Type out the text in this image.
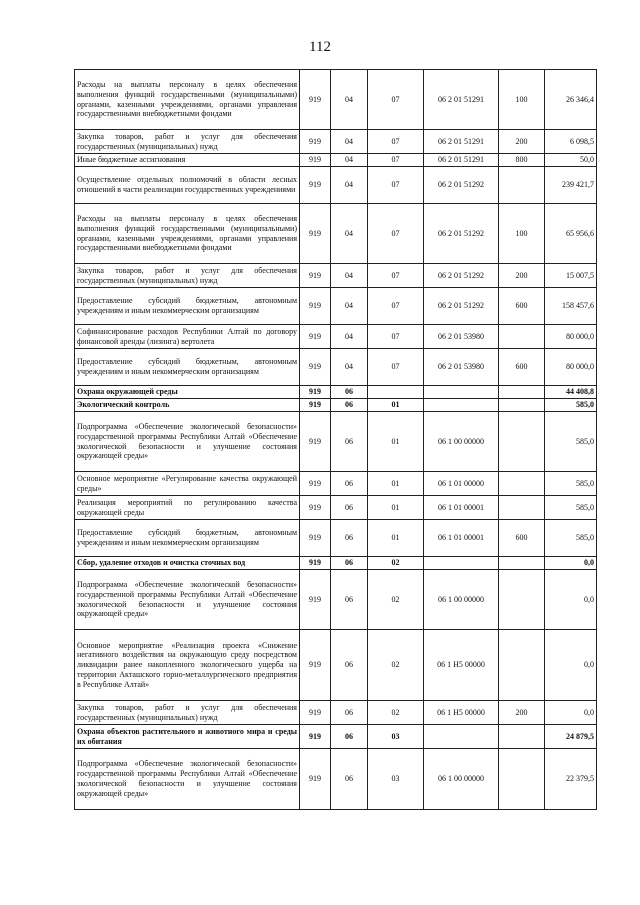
112
Расходы на выплаты персоналу в целях обеспечения выполнения функций государственными (муниципальными) органами, казенными учреждениями, органами управления государственными внебюджетными фондами	919	04	07	06 2 01 51291	100	26 346,4
Закупка товаров, работ и услуг для обеспечения государственных (муниципальных) нужд	919	04	07	06 2 01 51291	200	6 098,5
Иные бюджетные ассигнования	919	04	07	06 2 01 51291	800	50,0
Осуществление отдельных полномочий в области лесных отношений в части реализации государственных учреждениями	919	04	07	06 2 01 51292		239 421,7
Расходы на выплаты персоналу в целях обеспечения выполнения функций государственными (муниципальными) органами, казенными учреждениями, органами управления государственными внебюджетными фондами	919	04	07	06 2 01 51292	100	65 956,6
Закупка товаров, работ и услуг для обеспечения государственных (муниципальных) нужд	919	04	07	06 2 01 51292	200	15 007,5
Предоставление субсидий бюджетным, автономным учреждениям и иным некоммерческим организациям	919	04	07	06 2 01 51292	600	158 457,6
Софинансирование расходов Республики Алтай по договору финансовой аренды (лизинга) вертолета	919	04	07	06 2 01 53980		80 000,0
Предоставление субсидий бюджетным, автономным учреждениям и иным некоммерческим организациям	919	04	07	06 2 01 53980	600	80 000,0
Охрана окружающей среды	919	06				44 408,8
Экологический контроль	919	06	01			585,0
Подпрограмма «Обеспечение экологической безопасности» государственной программы Республики Алтай «Обеспечение экологической безопасности и улучшение состояния окружающей среды»	919	06	01	06 1 00 00000		585,0
Основное мероприятие «Регулирование качества окружающей среды»	919	06	01	06 1 01 00000		585,0
Реализация мероприятий по регулированию качества окружающей среды	919	06	01	06 1 01 00001		585,0
Предоставление субсидий бюджетным, автономным учреждениям и иным некоммерческим организациям	919	06	01	06 1 01 00001	600	585,0
Сбор, удаление отходов и очистка сточных вод	919	06	02			0,0
Подпрограмма «Обеспечение экологической безопасности» государственной программы Республики Алтай «Обеспечение экологической безопасности и улучшение состояния окружающей среды»	919	06	02	06 1 00 00000		0,0
Основное мероприятие «Реализация проекта «Снижение негативного воздействия на окружающую среду посредством ликвидации ранее накопленного экологического ущерба на территории Акташского горно-металлургического предприятия в Республике Алтай»	919	06	02	06 1 H5 00000		0,0
Закупка товаров, работ и услуг для обеспечения государственных (муниципальных) нужд	919	06	02	06 1 H5 00000	200	0,0
Охрана объектов растительного и животного мира и среды их обитания	919	06	03			24 879,5
Подпрограмма «Обеспечение экологической безопасности» государственной программы Республики Алтай «Обеспечение экологической безопасности и улучшение состояния окружающей среды»	919	06	03	06 1 00 00000		22 379,5
